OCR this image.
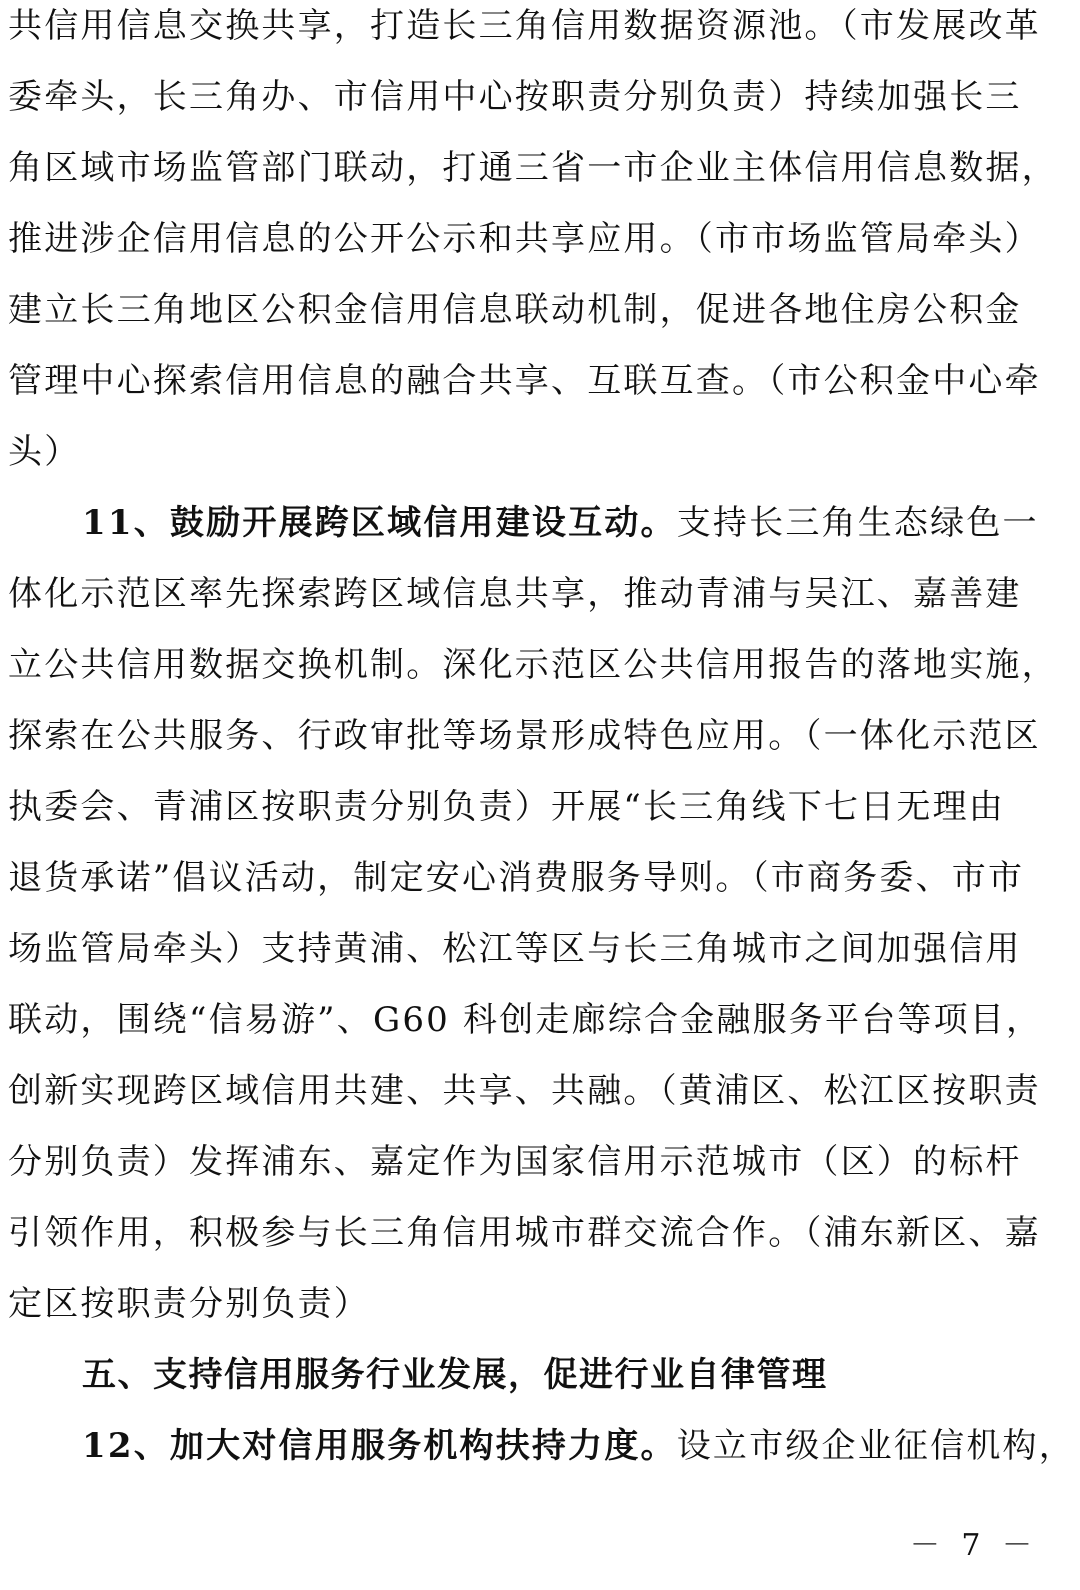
共信用信息交换共享，打造长三角信用数据资源池。（市发展改革
委牵头，长三角办、市信用中心按职责分别负责）持续加强长三
角区域市场监管部门联动，打通三省一市企业主体信用信息数据，
推进涉企信用信息的公开公示和共享应用。（市市场监管局牵头）
建立长三角地区公积金信用信息联动机制，促进各地住房公积金
管理中心探索信用信息的融合共享、互联互查。（市公积金中心牵
头）
11、鼓励开展跨区域信用建设互动。支持长三角生态绿色一
体化示范区率先探索跨区域信息共享，推动青浦与吴江、嘉善建
立公共信用数据交换机制。深化示范区公共信用报告的落地实施，
探索在公共服务、行政审批等场景形成特色应用。（一体化示范区
执委会、青浦区按职责分别负责）开展“长三角线下七日无理由
退货承诺”倡议活动，制定安心消费服务导则。（市商务委、市市
场监管局牵头）支持黄浦、松江等区与长三角城市之间加强信用
联动，围绕“信易游”、G60 科创走廊综合金融服务平台等项目，
创新实现跨区域信用共建、共享、共融。（黄浦区、松江区按职责
分别负责）发挥浦东、嘉定作为国家信用示范城市（区）的标杆
引领作用，积极参与长三角信用城市群交流合作。（浦东新区、嘉
定区按职责分别负责）
五、支持信用服务行业发展，促进行业自律管理
12、加大对信用服务机构扶持力度。设立市级企业征信机构，
－ 7 －
